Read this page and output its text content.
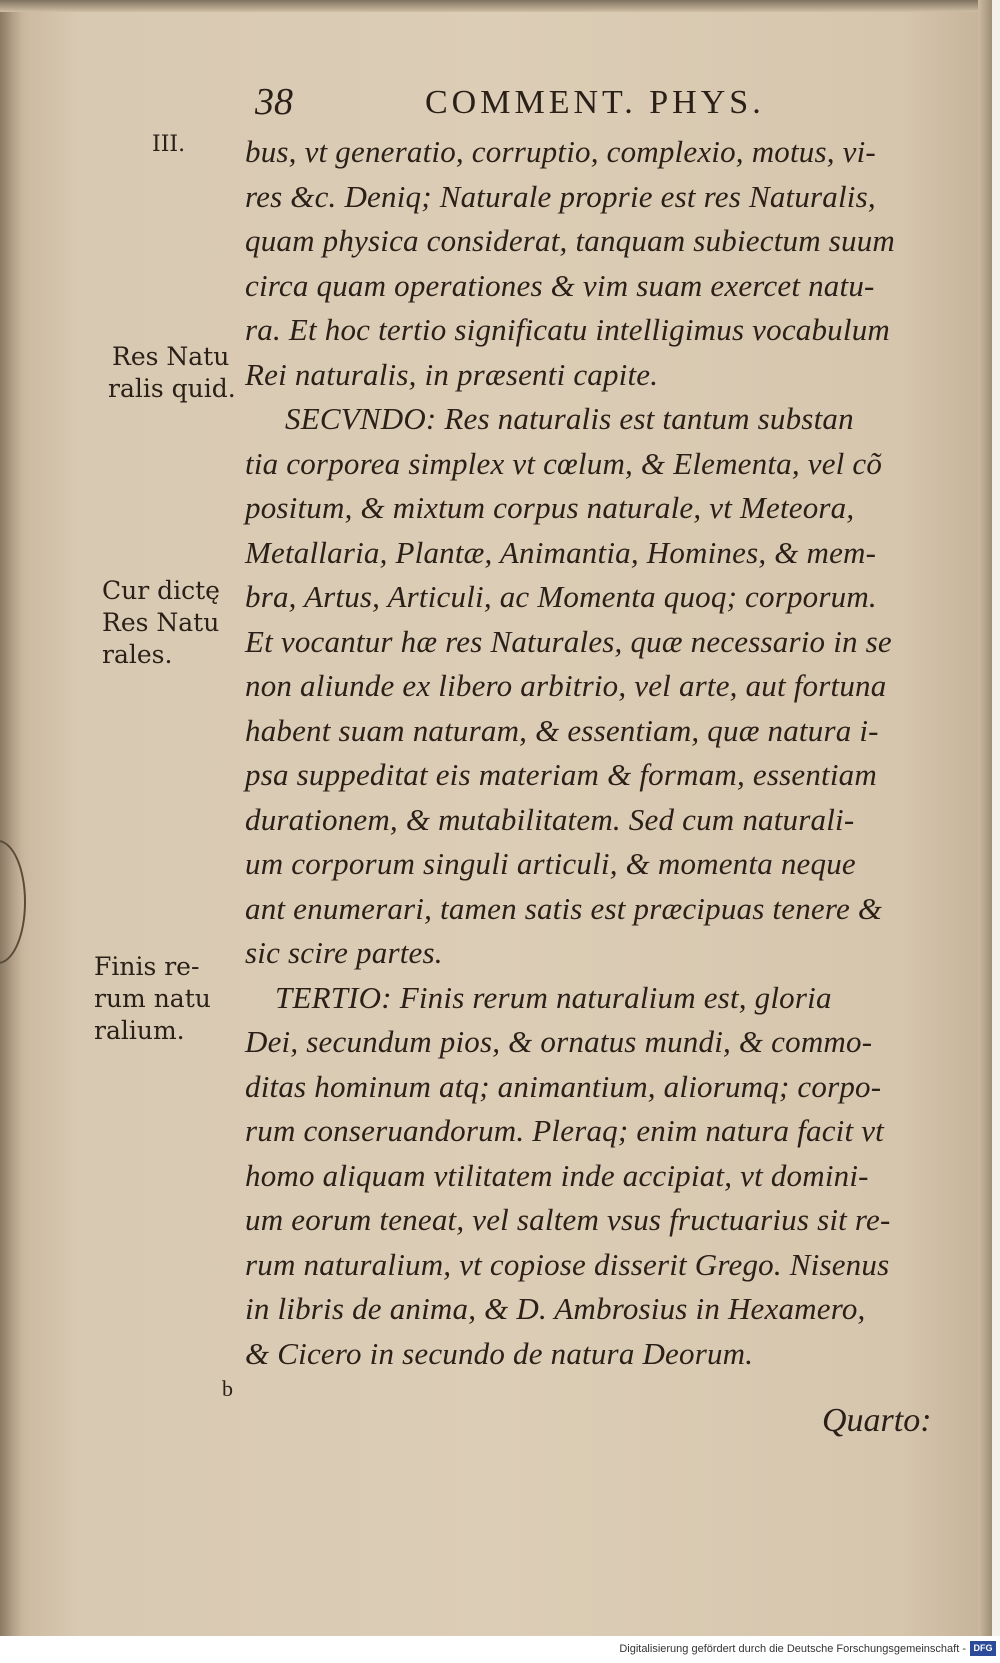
38	COMMENT. PHYS.
III.
Res Natu
ralis quid.
Cur dictę
Res Natu
rales.
Finis re-
rum natu
ralium.
bus, vt generatio, corruptio, complexio, motus, vi-
res &c. Deniq; Naturale proprie est res Naturalis,
quam physica considerat, tanquam subiectum suum
circa quam operationes & vim suam exercet natu-
ra. Et hoc tertio significatu intelligimus vocabulum
Rei naturalis, in præsenti capite.
SECVNDO: Res naturalis est tantum substan
tia corporea simplex vt cœlum, & Elementa, vel cõ
positum, & mixtum corpus naturale, vt Meteora,
Metallaria, Plantæ, Animantia, Homines, & mem-
bra, Artus, Articuli, ac Momenta quoq; corporum.
Et vocantur hæ res Naturales, quæ necessario in se
non aliunde ex libero arbitrio, vel arte, aut fortuna
habent suam naturam, & essentiam, quæ natura i-
psa suppeditat eis materiam & formam, essentiam
durationem, & mutabilitatem. Sed cum naturali-
um corporum singuli articuli, & momenta neque
ant enumerari, tamen satis est præcipuas tenere &
sic scire partes.
TERTIO: Finis rerum naturalium est, gloria
Dei, secundum pios, & ornatus mundi, & commo-
ditas hominum atq; animantium, aliorumq; corpo-
rum conseruandorum. Pleraq; enim natura facit vt
homo aliquam vtilitatem inde accipiat, vt domini-
um eorum teneat, vel saltem vsus fructuarius sit re-
rum naturalium, vt copiose disserit Grego. Nisenus
in libris de anima, & D. Ambrosius in Hexamero,
& Cicero in secundo de natura Deorum.
b
Quarto:
Digitalisierung gefördert durch die Deutsche Forschungsgemeinschaft - DFG
